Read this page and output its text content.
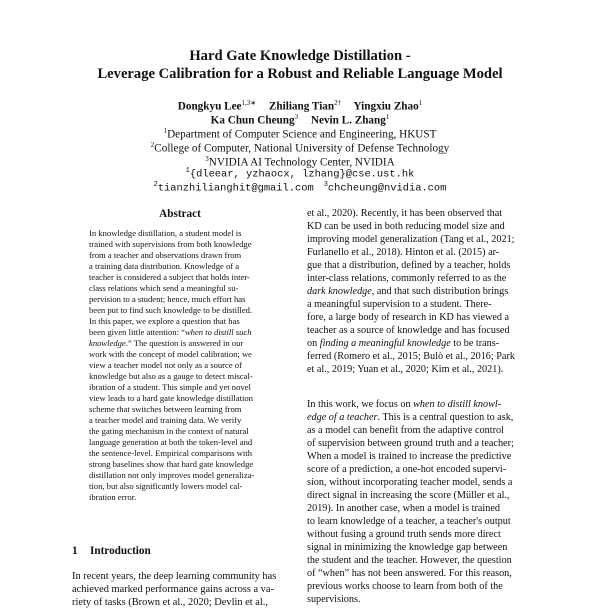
Hard Gate Knowledge Distillation -
Leverage Calibration for a Robust and Reliable Language Model
Dongkyu Lee$^{1,3∗}$ Zhiliang Tian$^{2\dagger}$ Yingxiu Zhao$^1$
Ka Chun Cheung$^3$ Nevin L. Zhang$^1$
$^1$Department of Computer Science and Engineering, HKUST
$^2$College of Computer, National University of Defense Technology
$^3$NVIDIA AI Technology Center, NVIDIA
$^1${dleear, yzhaocx, lzhang}@cse.ust.hk
$^2$tianzhilianghit@gmail.com $^3$chcheung@nvidia.com
Abstract
In knowledge distillation, a student model is
trained with supervisions from both knowledge
from a teacher and observations drawn from
a training data distribution. Knowledge of a
teacher is considered a subject that holds inter-
class relations which send a meaningful su-
pervision to a student; hence, much effort has
been put to find such knowledge to be distilled.
In this paper, we explore a question that has
been given little attention: “when to distill such
knowledge.” The question is answered in our
work with the concept of model calibration; we
view a teacher model not only as a source of
knowledge but also as a gauge to detect miscal-
ibration of a student. This simple and yet novel
view leads to a hard gate knowledge distillation
scheme that switches between learning from
a teacher model and training data. We verify
the gating mechanism in the context of natural
language generation at both the token-level and
the sentence-level. Empirical comparisons with
strong baselines show that hard gate knowledge
distillation not only improves model generaliza-
tion, but also significantly lowers model cal-
ibration error.
1 Introduction
In recent years, the deep learning community has
achieved marked performance gains across a va-
riety of tasks (Brown et al., 2020; Devlin et al.,
et al., 2020). Recently, it has been observed that
KD can be used in both reducing model size and
improving model generalization (Tang et al., 2021;
Furlanello et al., 2018). Hinton et al. (2015) ar-
gue that a distribution, defined by a teacher, holds
inter-class relations, commonly referred to as the
dark knowledge, and that such distribution brings
a meaningful supervision to a student. There-
fore, a large body of research in KD has viewed a
teacher as a source of knowledge and has focused
on finding a meaningful knowledge to be trans-
ferred (Romero et al., 2015; Bulò et al., 2016; Park
et al., 2019; Yuan et al., 2020; Kim et al., 2021).
In this work, we focus on when to distill knowl-
edge of a teacher. This is a central question to ask,
as a model can benefit from the adaptive control
of supervision between ground truth and a teacher;
When a model is trained to increase the predictive
score of a prediction, a one-hot encoded supervi-
sion, without incorporating teacher model, sends a
direct signal in increasing the score (Müller et al.,
2019). In another case, when a model is trained
to learn knowledge of a teacher, a teacher's output
without fusing a ground truth sends more direct
signal in minimizing the knowledge gap between
the student and the teacher. However, the question
of “when” has not been answered. For this reason,
previous works choose to learn from both of the
supervisions.
